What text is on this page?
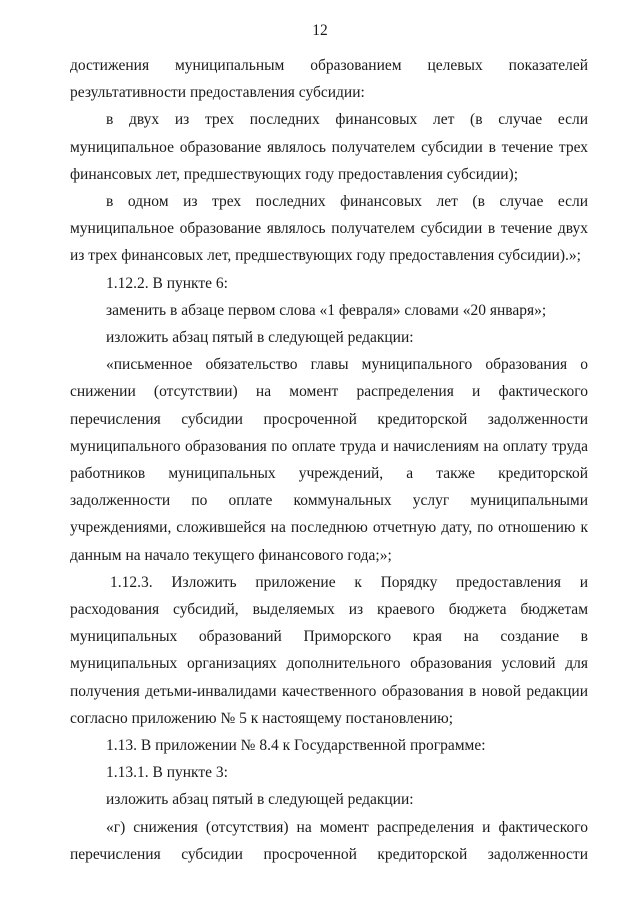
12

достижения муниципальным образованием целевых показателей результативности предоставления субсидии:

в двух из трех последних финансовых лет (в случае если муниципальное образование являлось получателем субсидии в течение трех финансовых лет, предшествующих году предоставления субсидии);

в одном из трех последних финансовых лет (в случае если муниципальное образование являлось получателем субсидии в течение двух из трех финансовых лет, предшествующих году предоставления субсидии).»;

1.12.2. В пункте 6:

заменить в абзаце первом слова «1 февраля» словами «20 января»;

изложить абзац пятый в следующей редакции:

«письменное обязательство главы муниципального образования о снижении (отсутствии) на момент распределения и фактического перечисления субсидии просроченной кредиторской задолженности муниципального образования по оплате труда и начислениям на оплату труда работников муниципальных учреждений, а также кредиторской задолженности по оплате коммунальных услуг муниципальными учреждениями, сложившейся на последнюю отчетную дату, по отношению к данным на начало текущего финансового года;»;

1.12.3. Изложить приложение к Порядку предоставления и расходования субсидий, выделяемых из краевого бюджета бюджетам муниципальных образований Приморского края на создание в муниципальных организациях дополнительного образования условий для получения детьми-инвалидами качественного образования в новой редакции согласно приложению № 5 к настоящему постановлению;

1.13. В приложении № 8.4 к Государственной программе:

1.13.1. В пункте 3:

изложить абзац пятый в следующей редакции:

«г) снижения (отсутствия) на момент распределения и фактического перечисления субсидии просроченной кредиторской задолженности
